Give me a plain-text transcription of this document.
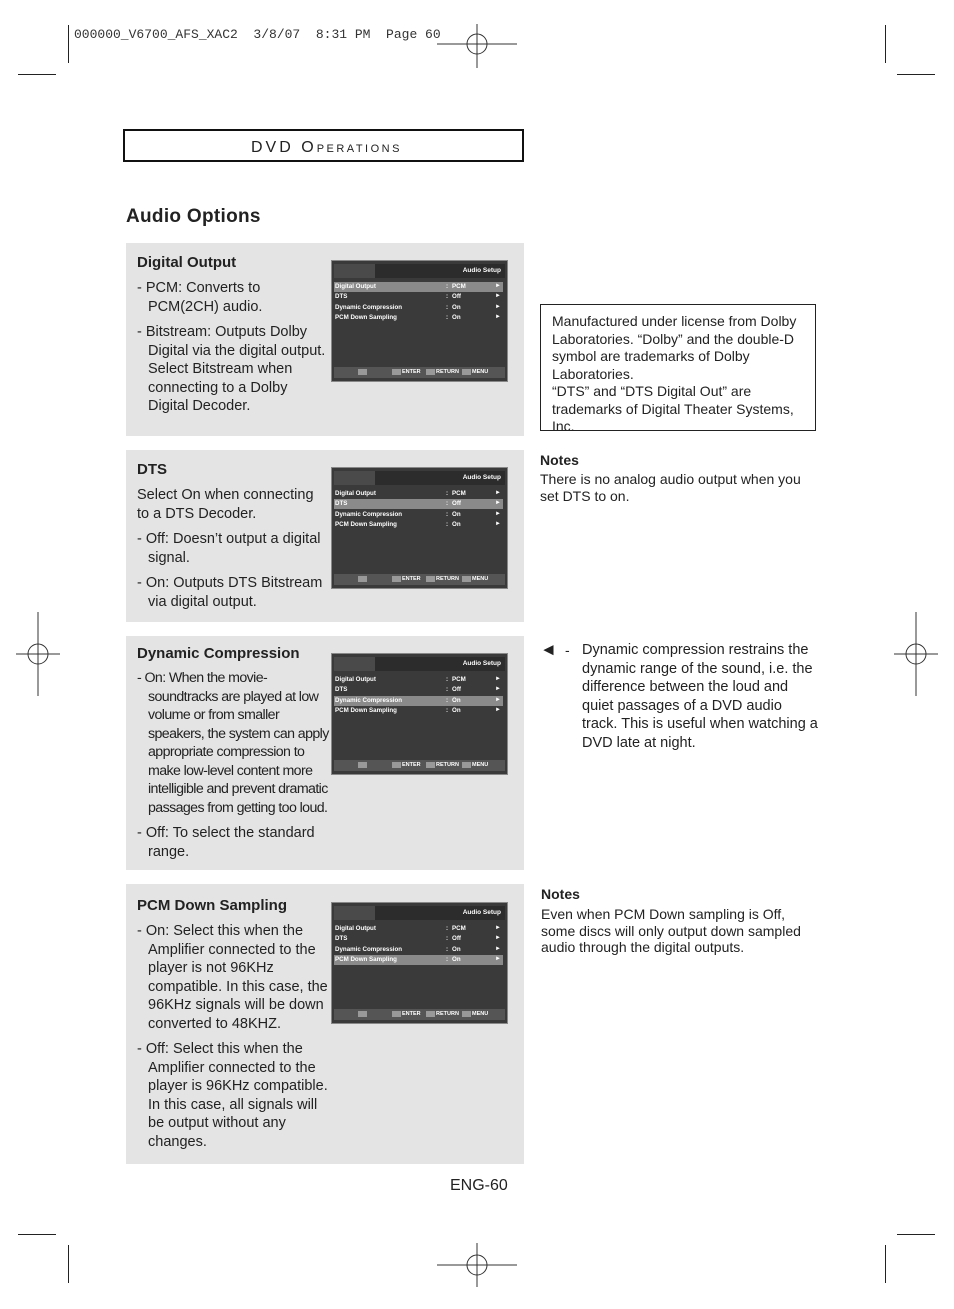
000000_V6700_AFS_XAC2  3/8/07  8:31 PM  Page 60
DVD OPERATIONS
Audio Options
Digital Output

- PCM: Converts to PCM(2CH) audio.

- Bitstream: Outputs Dolby Digital via the digital output. Select Bitstream when connecting to a Dolby Digital Decoder.

Audio Setup
Digital Output	: PCM	►
DTS	: Off	►
Dynamic Compression	: On	►
PCM Down Sampling	: On	►
ENTER	RETURN MENU
DTS

Select On when connecting to a DTS Decoder.

- Off: Doesn’t output a digital signal.

- On: Outputs DTS Bitstream via digital output.

Audio Setup
Digital Output	: PCM	►
DTS	: Off	►
Dynamic Compression	: On	►
PCM Down Sampling	: On	►
ENTER	RETURN MENU
Dynamic Compression

- On: When the movie-soundtracks are played at low volume or from smaller speakers, the system can apply appropriate compression to make low-level content more intelligible and prevent dramatic passages from getting too loud.

- Off: To select the standard range.

Audio Setup
Digital Output	: PCM	►
DTS	: Off	►
Dynamic Compression	: On	►
PCM Down Sampling	: On	►
ENTER	RETURN MENU
PCM Down Sampling

- On: Select this when the Amplifier connected to the player is not 96KHz compatible. In this case, the 96KHz signals will be down converted to 48KHZ.

- Off: Select this when the Amplifier connected to the player is 96KHz compatible. In this case, all signals will be output without any changes.

Audio Setup
Digital Output	: PCM	►
DTS	: Off	►
Dynamic Compression	: On	►
PCM Down Sampling	: On	►
ENTER	RETURN MENU
Manufactured under license from Dolby Laboratories. “Dolby” and the double-D symbol are trademarks of Dolby Laboratories.
“DTS” and “DTS Digital Out” are trademarks of Digital Theater Systems, Inc.
Notes
There is no analog audio output when you set DTS to on.
◄ - Dynamic compression restrains the dynamic range of the sound, i.e. the difference between the loud and quiet passages of a DVD audio track. This is useful when watching a DVD late at night.
Notes
Even when PCM Down sampling is Off, some discs will only output down sampled audio through the digital outputs.
ENG-60
